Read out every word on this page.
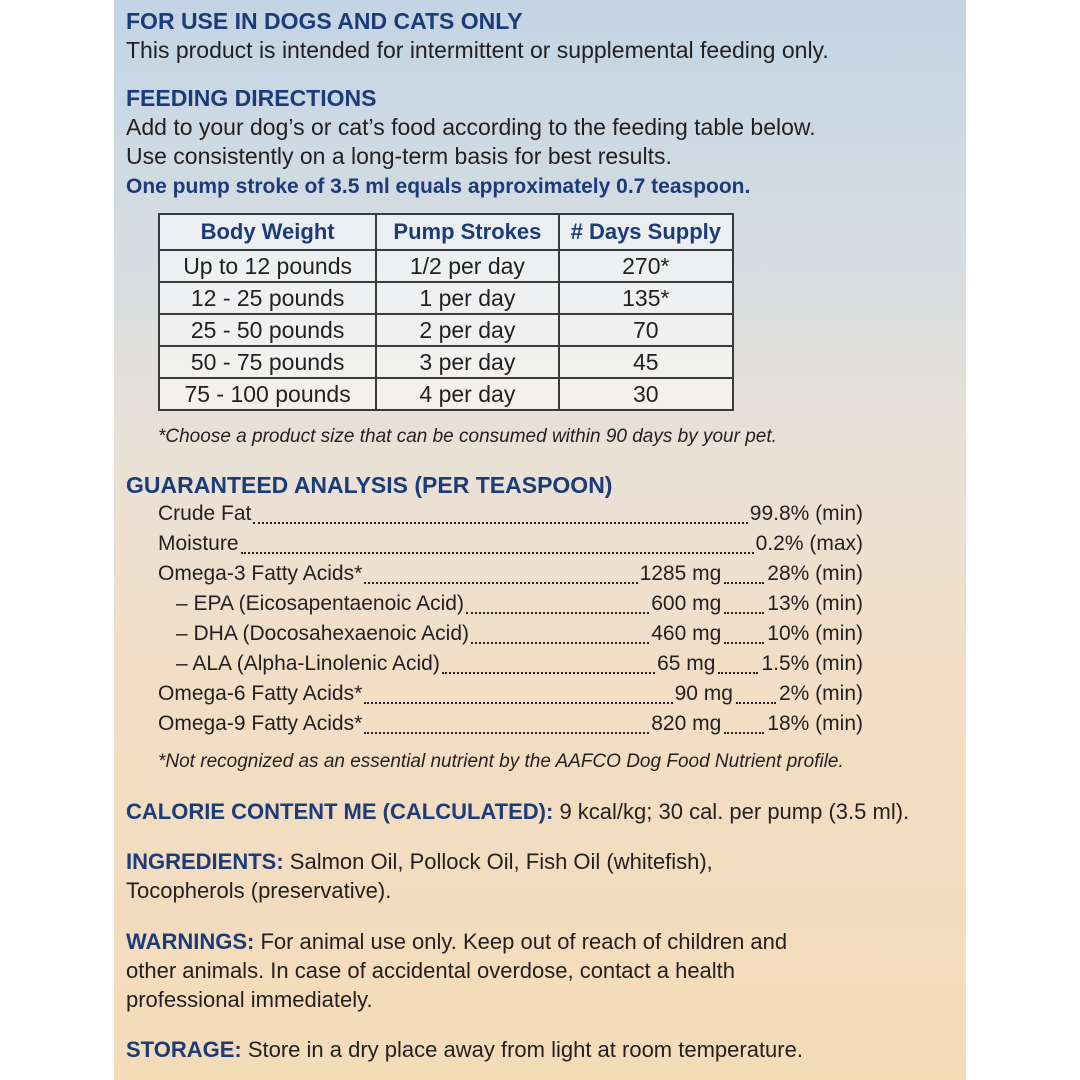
FOR USE IN DOGS AND CATS ONLY
This product is intended for intermittent or supplemental feeding only.
FEEDING DIRECTIONS
Add to your dog’s or cat’s food according to the feeding table below.
Use consistently on a long-term basis for best results.
One pump stroke of 3.5 ml equals approximately 0.7 teaspoon.
Body Weight	Pump Strokes	# Days Supply
Up to 12 pounds	1/2 per day	270*
12 - 25 pounds	1 per day	135*
25 - 50 pounds	2 per day	70
50 - 75 pounds	3 per day	45
75 - 100 pounds	4 per day	30
*Choose a product size that can be consumed within 90 days by your pet.
GUARANTEED ANALYSIS (PER TEASPOON)
Crude Fat	99.8% (min)
Moisture	0.2% (max)
Omega-3 Fatty Acids*	1285 mg 28% (min)
– EPA (Eicosapentaenoic Acid)	600 mg 13% (min)
– DHA (Docosahexaenoic Acid)	460 mg 10% (min)
– ALA (Alpha-Linolenic Acid)	65 mg 1.5% (min)
Omega-6 Fatty Acids*	90 mg 2% (min)
Omega-9 Fatty Acids*	820 mg 18% (min)
*Not recognized as an essential nutrient by the AAFCO Dog Food Nutrient profile.
CALORIE CONTENT ME (CALCULATED): 9 kcal/kg; 30 cal. per pump (3.5 ml).
INGREDIENTS: Salmon Oil, Pollock Oil, Fish Oil (whitefish), Tocopherols (preservative).
WARNINGS: For animal use only. Keep out of reach of children and other animals. In case of accidental overdose, contact a health professional immediately.
STORAGE: Store in a dry place away from light at room temperature.
